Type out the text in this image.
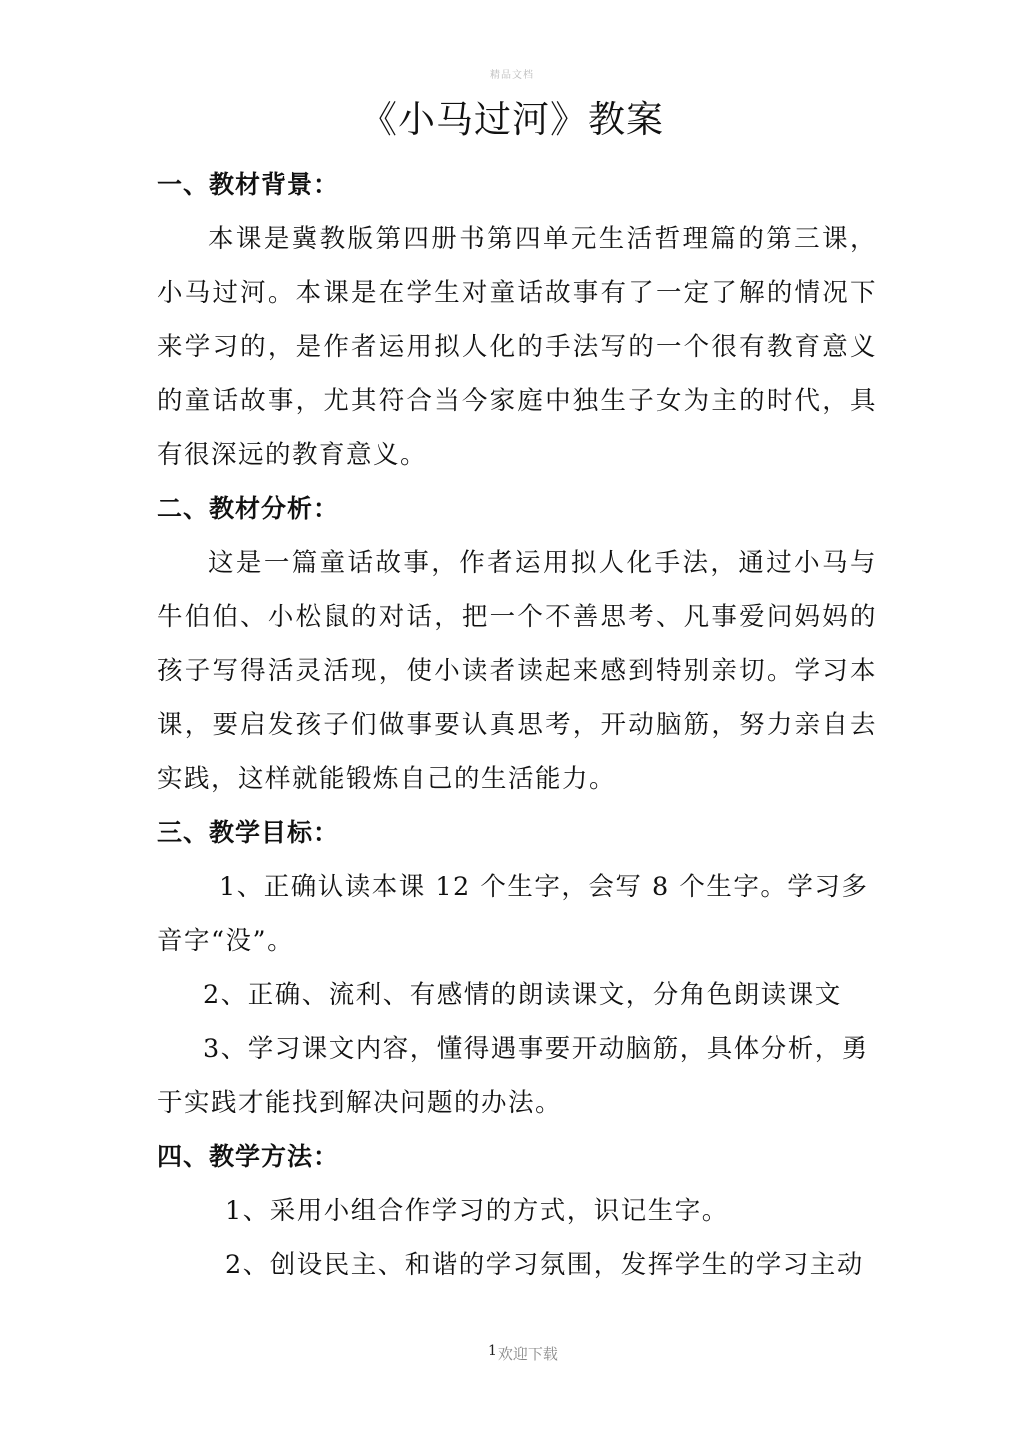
精品文档
《小马过河》教案
一、教材背景：

本课是冀教版第四册书第四单元生活哲理篇的第三课，小马过河。本课是在学生对童话故事有了一定了解的情况下来学习的，是作者运用拟人化的手法写的一个很有教育意义的童话故事，尤其符合当今家庭中独生子女为主的时代，具有很深远的教育意义。

二、教材分析：

这是一篇童话故事，作者运用拟人化手法，通过小马与牛伯伯、小松鼠的对话，把一个不善思考、凡事爱问妈妈的孩子写得活灵活现，使小读者读起来感到特别亲切。学习本课，要启发孩子们做事要认真思考，开动脑筋，努力亲自去实践，这样就能锻炼自己的生活能力。

三、教学目标：

1、正确认读本课 12 个生字，会写 8 个生字。学习多音字“没”。

2、正确、流利、有感情的朗读课文，分角色朗读课文

3、学习课文内容，懂得遇事要开动脑筋，具体分析，勇于实践才能找到解决问题的办法。

四、教学方法：

1、采用小组合作学习的方式，识记生字。

2、创设民主、和谐的学习氛围，发挥学生的学习主动

1欢迎下载
